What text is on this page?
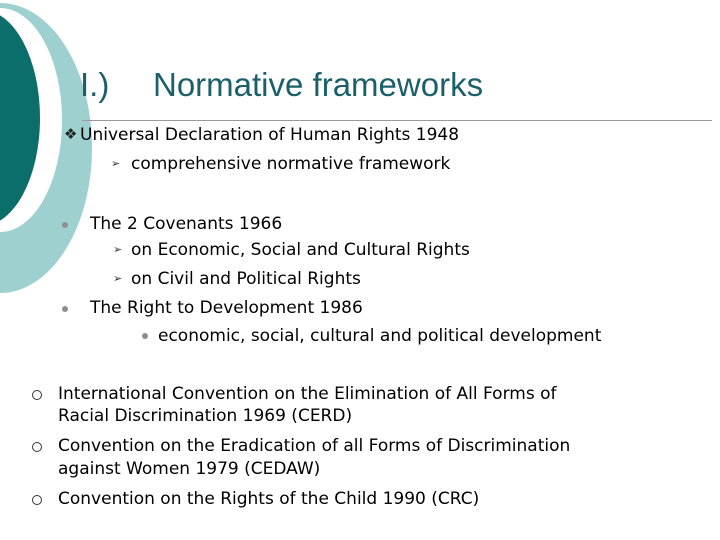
I.) Normative frameworks
❖ Universal Declaration of Human Rights 1948
➢ comprehensive normative framework
The 2 Covenants 1966
➢ on Economic, Social and Cultural Rights
➢ on Civil and Political Rights
The Right to Development 1986
economic, social, cultural and political development
International Convention on the Elimination of All Forms of
Racial Discrimination 1969 (CERD)
Convention on the Eradication of all Forms of Discrimination
against Women 1979 (CEDAW)
Convention on the Rights of the Child 1990 (CRC)
